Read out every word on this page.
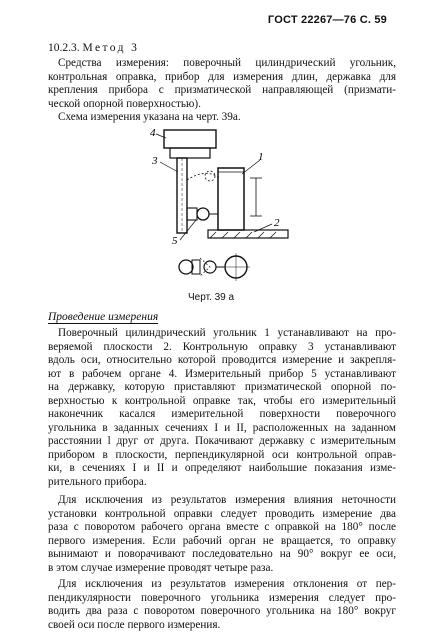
ГОСТ 22267—76 С. 59
10.2.3. Метод 3
Средства измерения: поверочный цилиндрический угольник,
контрольная оправка, прибор для измерения длин, державка для
крепления прибора с призматической направляющей (призмати-
ческой опорной поверхностью).
Схема измерения указана на черт. 39а.
4
3	1
2
5
Черт. 39 а
Проведение измерения
Поверочный цилиндрический угольник 1 устанавливают на про-
веряемой плоскости 2. Контрольную оправку 3 устанавливают
вдоль оси, относительно которой проводится измерение и закрепля-
ют в рабочем органе 4. Измерительный прибор 5 устанавливают
на державку, которую приставляют призматической опорной по-
верхностью к контрольной оправке так, чтобы его измерительный
наконечник касался измерительной поверхности поверочного
угольника в заданных сечениях I и II, расположенных на заданном
расстоянии l друг от друга. Покачивают державку с измерительным
прибором в плоскости, перпендикулярной оси контрольной оправ-
ки, в сечениях I и II и определяют наибольшие показания изме-
рительного прибора.
Для исключения из результатов измерения влияния неточности
установки контрольной оправки следует проводить измерение два
раза с поворотом рабочего органа вместе с оправкой на 180° после
первого измерения. Если рабочий орган не вращается, то оправку
вынимают и поворачивают последовательно на 90° вокруг ее оси,
в этом случае измерение проводят четыре раза.
Для исключения из результатов измерения отклонения от пер-
пендикулярности поверочного угольника измерения следует про-
водить два раза с поворотом поверочного угольника на 180° вокруг
своей оси после первого измерения.
